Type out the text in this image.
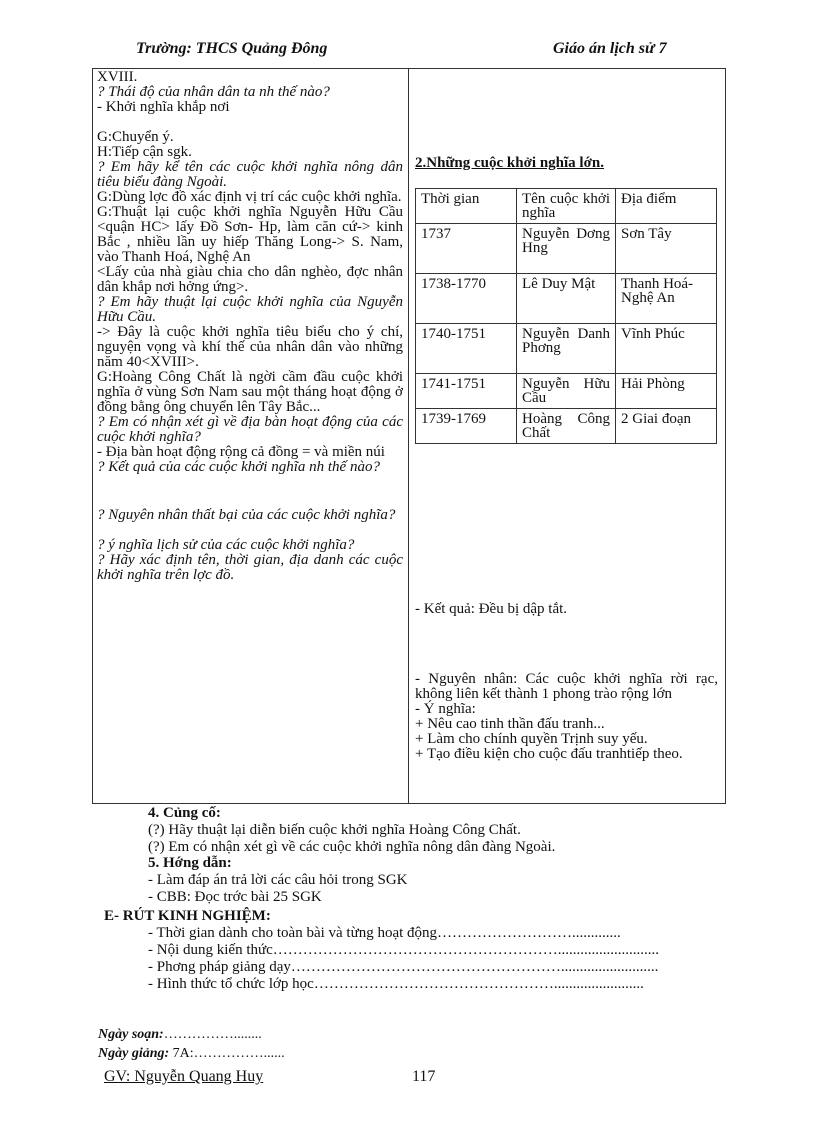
Trường: THCS Quảng Đông	Giáo án lịch sử 7
XVIII.
? Thái độ của nhân dân ta nh thế nào?
- Khởi nghĩa khắp nơi
G:Chuyển ý.
H:Tiếp cận sgk.
? Em hãy kể tên các cuộc khởi nghĩa nông dân tiêu biểu đàng Ngoài.
G:Dùng lợc đồ xác định vị trí các cuộc khởi nghĩa.
G:Thuật lại cuộc khởi nghĩa Nguyễn Hữu Cầu <quận HC> lấy Đồ Sơn- Hp, làm căn cứ-> kinh Bắc , nhiều lần uy hiếp Thăng Long-> S. Nam, vào Thanh Hoá, Nghệ An
<Lấy của nhà giàu chia cho dân nghèo, đợc nhân dân khắp nơi hởng ứng>.
? Em hãy thuật lại cuộc khởi nghĩa của Nguyễn Hữu Cầu.
-> Đây là cuộc khởi nghĩa tiêu biểu cho ý chí, nguyện vọng và khí thế của nhân dân vào những năm 40<XVIII>.
G:Hoàng Công Chất là ngời cầm đầu cuộc khởi nghĩa ở vùng Sơn Nam sau một tháng hoạt động ở đồng bằng ông chuyển lên Tây Bắc...
? Em có nhận xét gì về địa bàn hoạt động của các cuộc khởi nghĩa?
- Địa bàn hoạt động rộng cả đồng = và miền núi
? Kết quả của các cuộc khởi nghĩa nh thế nào?
? Nguyên nhân thất bại của các cuộc khởi nghĩa?
? ý nghĩa lịch sử của các cuộc khởi nghĩa?
? Hãy xác định tên, thời gian, địa danh các cuộc khởi nghĩa trên lợc đồ.
2.Những cuộc khởi nghĩa lớn.
Thời gian	Tên cuộc khởi nghĩa	Địa điểm
1737	Nguyễn Dơng Hng	Sơn Tây
1738-1770	Lê Duy Mật	Thanh Hoá- Nghệ An
1740-1751	Nguyễn Danh Phơng	Vĩnh Phúc
1741-1751	Nguyễn Hữu Cầu	Hải Phòng
1739-1769	Hoàng Công Chất	2 Giai đoạn
- Kết quả: Đều bị dập tắt.
- Nguyên nhân: Các cuộc khởi nghĩa rời rạc, không liên kết thành 1 phong trào rộng lớn
- Ý nghĩa:
+ Nêu cao tinh thần đấu tranh...
+ Làm cho chính quyền Trịnh suy yếu.
+ Tạo điều kiện cho cuộc đấu tranhtiếp theo.
4. Củng cố:
(?) Hãy thuật lại diễn biến cuộc khởi nghĩa Hoàng Công Chất.
(?) Em có nhận xét gì về các cuộc khởi nghĩa nông dân đàng Ngoài.
5. Hớng dẫn:
- Làm đáp án trả lời các câu hỏi trong SGK
- CBB: Đọc trớc bài 25 SGK
E- RÚT KINH NGHIỆM:
- Thời gian dành cho toàn bài và từng hoạt động……………………….............
- Nội dung kiến thức…………………………………………………...........................
- Phơng pháp giảng dạy………………………………………………..........................
- Hình thức tổ chức lớp học…………………………………………........................
Ngày soạn:……………........
Ngày giảng: 7A:……………......
GV: Nguyễn Quang Huy	117
